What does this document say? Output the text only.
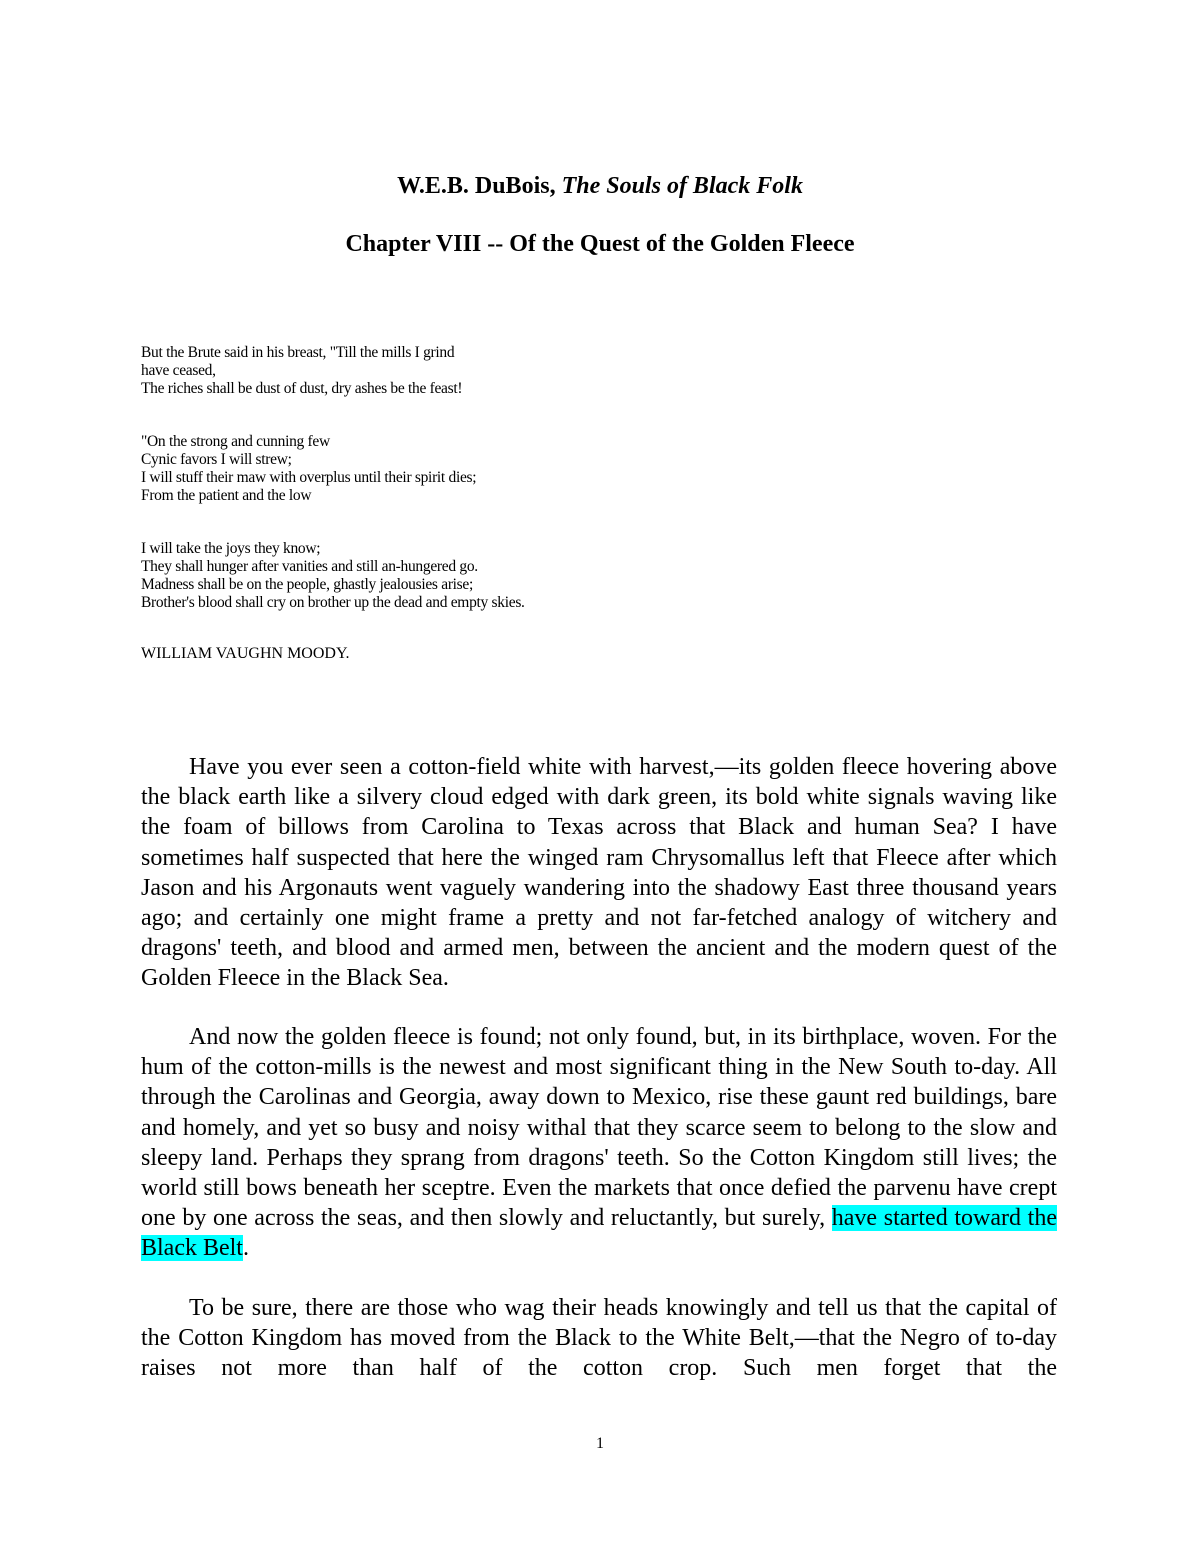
W.E.B. DuBois, The Souls of Black Folk
Chapter VIII -- Of the Quest of the Golden Fleece
But the Brute said in his breast, "Till the mills I grind
have ceased,
The riches shall be dust of dust, dry ashes be the feast!
"On the strong and cunning few
Cynic favors I will strew;
I will stuff their maw with overplus until their spirit dies;
From the patient and the low
I will take the joys they know;
They shall hunger after vanities and still an-hungered go.
Madness shall be on the people, ghastly jealousies arise;
Brother's blood shall cry on brother up the dead and empty skies.
WILLIAM VAUGHN MOODY.

Have you ever seen a cotton-field white with harvest,—its golden fleece hovering above the black earth like a silvery cloud edged with dark green, its bold white signals waving like the foam of billows from Carolina to Texas across that Black and human Sea? I have sometimes half suspected that here the winged ram Chrysomallus left that Fleece after which Jason and his Argonauts went vaguely wandering into the shadowy East three thousand years ago; and certainly one might frame a pretty and not far-fetched analogy of witchery and dragons' teeth, and blood and armed men, between the ancient and the modern quest of the Golden Fleece in the Black Sea.

And now the golden fleece is found; not only found, but, in its birthplace, woven. For the hum of the cotton-mills is the newest and most significant thing in the New South to-day. All through the Carolinas and Georgia, away down to Mexico, rise these gaunt red buildings, bare and homely, and yet so busy and noisy withal that they scarce seem to belong to the slow and sleepy land. Perhaps they sprang from dragons' teeth. So the Cotton Kingdom still lives; the world still bows beneath her sceptre. Even the markets that once defied the parvenu have crept one by one across the seas, and then slowly and reluctantly, but surely, have started toward the Black Belt.

To be sure, there are those who wag their heads knowingly and tell us that the capital of the Cotton Kingdom has moved from the Black to the White Belt,—that the Negro of to-day raises not more than half of the cotton crop. Such men forget that the

1
